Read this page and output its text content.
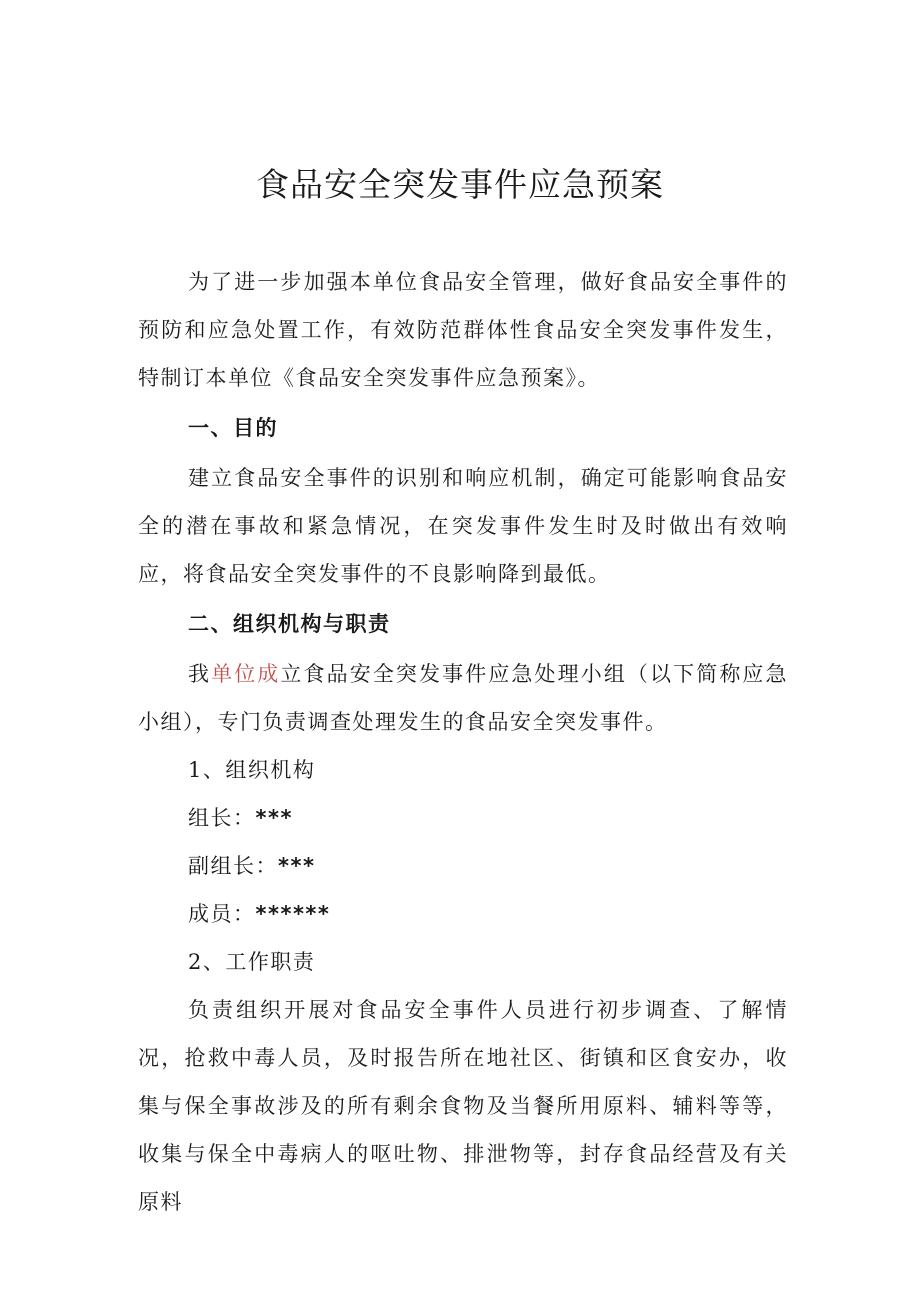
食品安全突发事件应急预案

为了进一步加强本单位食品安全管理，做好食品安全事件的预防和应急处置工作，有效防范群体性食品安全突发事件发生，特制订本单位《食品安全突发事件应急预案》。

一、目的

建立食品安全事件的识别和响应机制，确定可能影响食品安全的潜在事故和紧急情况，在突发事件发生时及时做出有效响应，将食品安全突发事件的不良影响降到最低。

二、组织机构与职责

我单位成立食品安全突发事件应急处理小组（以下简称应急小组），专门负责调查处理发生的食品安全突发事件。

1、组织机构

组长：***

副组长：***

成员：******

2、工作职责

负责组织开展对食品安全事件人员进行初步调查、了解情况，抢救中毒人员，及时报告所在地社区、街镇和区食安办，收集与保全事故涉及的所有剩余食物及当餐所用原料、辅料等等，收集与保全中毒病人的呕吐物、排泄物等，封存食品经营及有关原料
